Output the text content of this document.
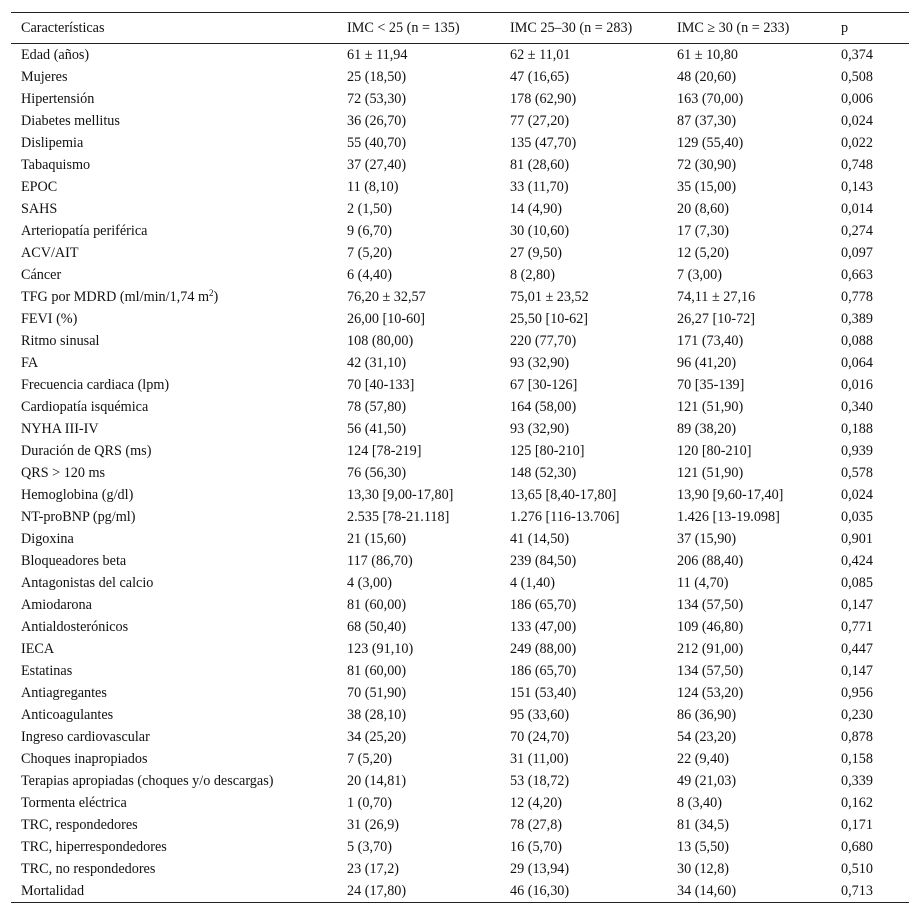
Características	IMC < 25 (n = 135)	IMC 25–30 (n = 283)	IMC ≥ 30 (n = 233)	p
Edad (años)	61 ± 11,94	62 ± 11,01	61 ± 10,80	0,374
Mujeres	25 (18,50)	47 (16,65)	48 (20,60)	0,508
Hipertensión	72 (53,30)	178 (62,90)	163 (70,00)	0,006
Diabetes mellitus	36 (26,70)	77 (27,20)	87 (37,30)	0,024
Dislipemia	55 (40,70)	135 (47,70)	129 (55,40)	0,022
Tabaquismo	37 (27,40)	81 (28,60)	72 (30,90)	0,748
EPOC	11 (8,10)	33 (11,70)	35 (15,00)	0,143
SAHS	2 (1,50)	14 (4,90)	20 (8,60)	0,014
Arteriopatía periférica	9 (6,70)	30 (10,60)	17 (7,30)	0,274
ACV/AIT	7 (5,20)	27 (9,50)	12 (5,20)	0,097
Cáncer	6 (4,40)	8 (2,80)	7 (3,00)	0,663
TFG por MDRD (ml/min/1,74 $m^2$)	76,20 ± 32,57	75,01 ± 23,52	74,11 ± 27,16	0,778
FEVI (%)	26,00 [10-60]	25,50 [10-62]	26,27 [10-72]	0,389
Ritmo sinusal	108 (80,00)	220 (77,70)	171 (73,40)	0,088
FA	42 (31,10)	93 (32,90)	96 (41,20)	0,064
Frecuencia cardiaca (lpm)	70 [40-133]	67 [30-126]	70 [35-139]	0,016
Cardiopatía isquémica	78 (57,80)	164 (58,00)	121 (51,90)	0,340
NYHA III-IV	56 (41,50)	93 (32,90)	89 (38,20)	0,188
Duración de QRS (ms)	124 [78-219]	125 [80-210]	120 [80-210]	0,939
QRS > 120 ms	76 (56,30)	148 (52,30)	121 (51,90)	0,578
Hemoglobina (g/dl)	13,30 [9,00-17,80]	13,65 [8,40-17,80]	13,90 [9,60-17,40]	0,024
NT-proBNP (pg/ml)	2.535 [78-21.118]	1.276 [116-13.706]	1.426 [13-19.098]	0,035
Digoxina	21 (15,60)	41 (14,50)	37 (15,90)	0,901
Bloqueadores beta	117 (86,70)	239 (84,50)	206 (88,40)	0,424
Antagonistas del calcio	4 (3,00)	4 (1,40)	11 (4,70)	0,085
Amiodarona	81 (60,00)	186 (65,70)	134 (57,50)	0,147
Antialdosterónicos	68 (50,40)	133 (47,00)	109 (46,80)	0,771
IECA	123 (91,10)	249 (88,00)	212 (91,00)	0,447
Estatinas	81 (60,00)	186 (65,70)	134 (57,50)	0,147
Antiagregantes	70 (51,90)	151 (53,40)	124 (53,20)	0,956
Anticoagulantes	38 (28,10)	95 (33,60)	86 (36,90)	0,230
Ingreso cardiovascular	34 (25,20)	70 (24,70)	54 (23,20)	0,878
Choques inapropiados	7 (5,20)	31 (11,00)	22 (9,40)	0,158
Terapias apropiadas (choques y/o descargas)	20 (14,81)	53 (18,72)	49 (21,03)	0,339
Tormenta eléctrica	1 (0,70)	12 (4,20)	8 (3,40)	0,162
TRC, respondedores	31 (26,9)	78 (27,8)	81 (34,5)	0,171
TRC, hiperrespondedores	5 (3,70)	16 (5,70)	13 (5,50)	0,680
TRC, no respondedores	23 (17,2)	29 (13,94)	30 (12,8)	0,510
Mortalidad	24 (17,80)	46 (16,30)	34 (14,60)	0,713
